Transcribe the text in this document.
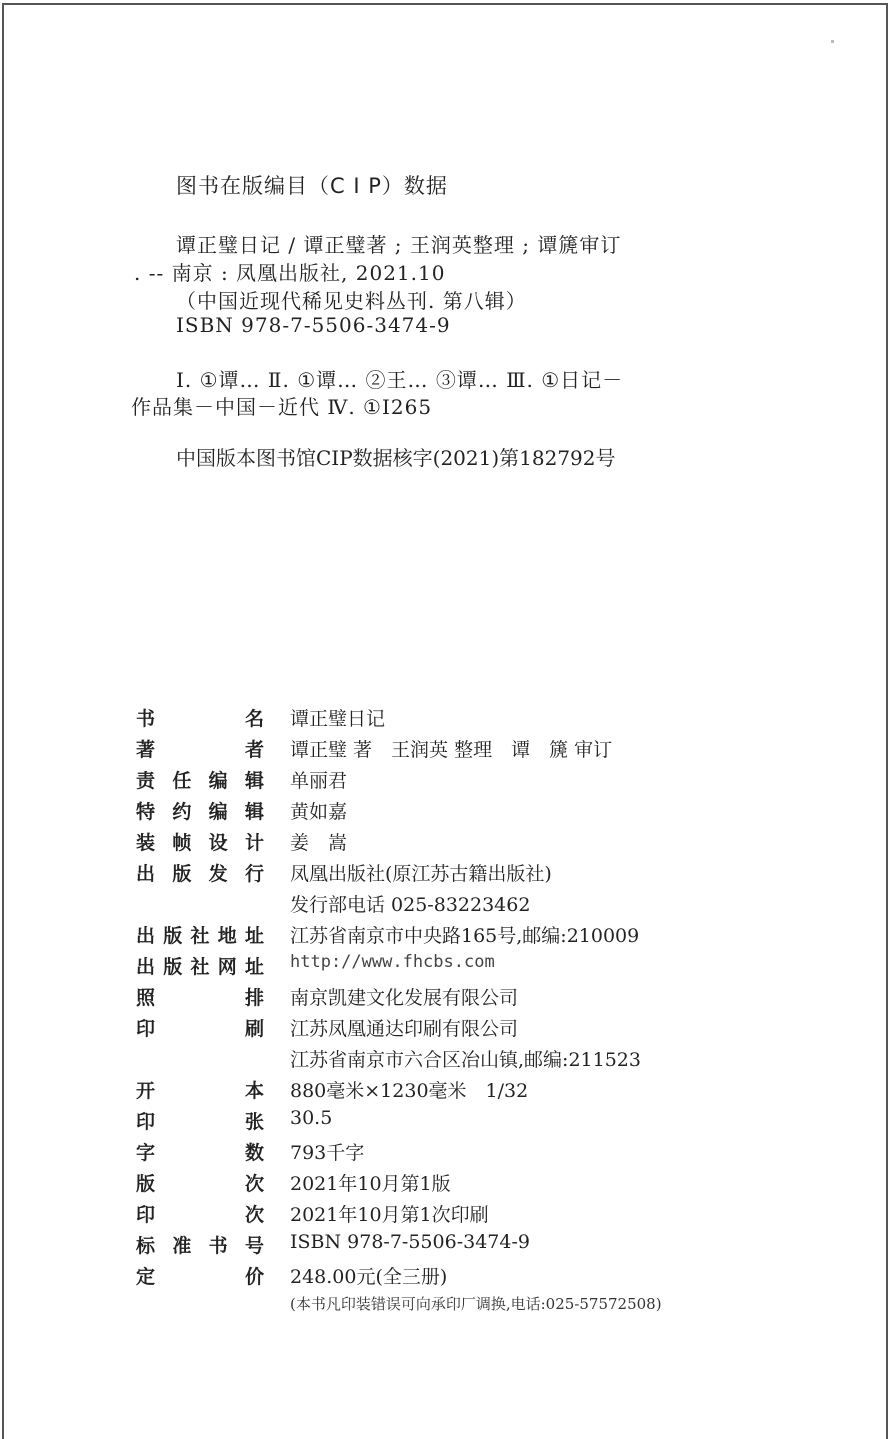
图书在版编目（C I P）数据
谭正璧日记 / 谭正璧著 ; 王润英整理 ; 谭篪审订
. -- 南京 : 凤凰出版社, 2021.10
（中国近现代稀见史料丛刊. 第八辑）
ISBN 978-7-5506-3474-9
Ⅰ. ①谭… Ⅱ. ①谭… ②王… ③谭… Ⅲ. ①日记－
作品集－中国－近代 Ⅳ. ①I265
中国版本图书馆CIP数据核字(2021)第182792号
书	名 谭正璧日记
著	者 谭正璧 著　王润英 整理　谭　篪 审订
责 任 编 辑 单丽君
特 约 编 辑 黄如嘉
装 帧 设 计 姜　嵩
出 版 发 行 凤凰出版社(原江苏古籍出版社)
发行部电话 025-83223462
出 版 社 地 址 江苏省南京市中央路165号,邮编:210009
出 版 社 网 址 http://www.fhcbs.com
照	排 南京凯建文化发展有限公司
印	刷 江苏凤凰通达印刷有限公司
江苏省南京市六合区冶山镇,邮编:211523
开	本 880毫米×1230毫米　1/32
印	张 30.5
字	数 793千字
版	次 2021年10月第1版
印	次 2021年10月第1次印刷
标 准 书 号 ISBN 978-7-5506-3474-9
定	价 248.00元(全三册)
(本书凡印装错误可向承印厂调换,电话:025-57572508)
